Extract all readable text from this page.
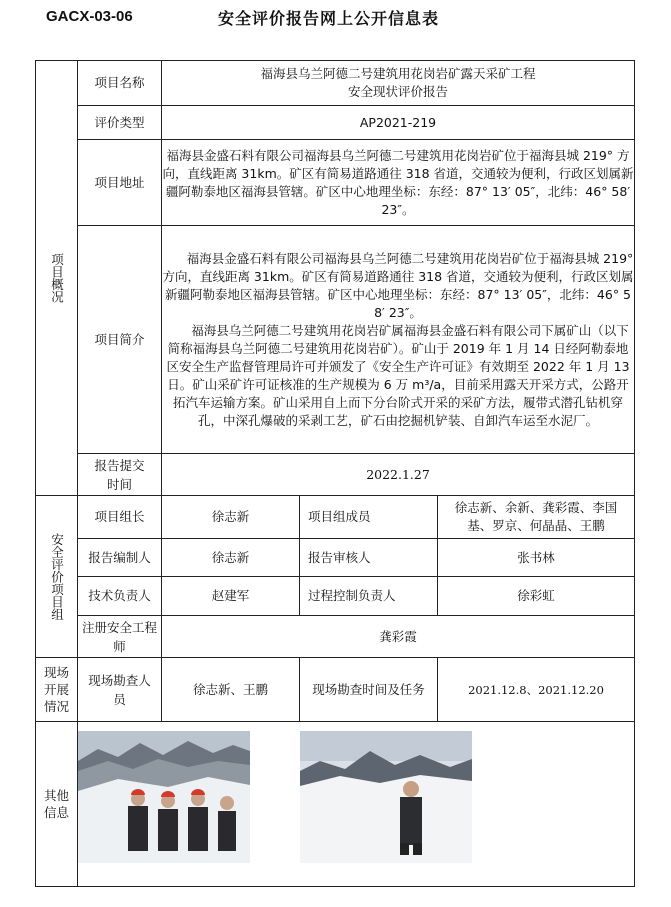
GACX-03-06	安全评价报告网上公开信息表
项目概况	项目名称	福海县乌兰阿德二号建筑用花岗岩矿露天采矿工程
安全现状评价报告		

	评价类型	AP2021-219		
	项目地址	福海县金盛石料有限公司福海县乌兰阿德二号建筑用花岗岩矿位于福海县城 219° 方向，直线距离 31km。矿区有简易道路通往 318 省道，交通较为便利，行政区划属新疆阿勒泰地区福海县管辖。矿区中心地理坐标：东经：87° 13′ 05″，北纬：46° 58′ 23″。		
	项目简介	福海县金盛石料有限公司福海县乌兰阿德二号建筑用花岗岩矿位于福海县城 219° 方向，直线距离 31km。矿区有简易道路通往 318 省道，交通较为便利，行政区划属新疆阿勒泰地区福海县管辖。矿区中心地理坐标：东经：87° 13′ 05″，北纬：46° 58′ 23″。

福海县乌兰阿德二号建筑用花岗岩矿属福海县金盛石料有限公司下属矿山（以下简称福海县乌兰阿德二号建筑用花岗岩矿）。矿山于 2019 年 1 月 14 日经阿勒泰地区安全生产监督管理局许可并颁发了《安全生产许可证》有效期至 2022 年 1 月 13 日。矿山采矿许可证核准的生产规模为 6 万 m³/a，目前采用露天开采方式，公路开拓汽车运输方案。矿山采用自上而下分台阶式开采的采矿方法，履带式潜孔钻机穿孔，中深孔爆破的采剥工艺，矿石由挖掘机铲装、自卸汽车运至水泥厂。		

	报告提交时间	2022.1.27		

安全评价项目组	项目组长	徐志新	项目组成员	徐志新、余新、龚彩霞、李国基、罗京、何晶晶、王鹏
	报告编制人	徐志新	报告审核人	张书林
	技术负责人	赵建军	过程控制负责人	徐彩虹
	注册安全工程师	龚彩霞		

现场开展情况	现场勘查人员	徐志新、王鹏	现场勘查时间及任务	2021.12.8、2021.12.20

其他信息
